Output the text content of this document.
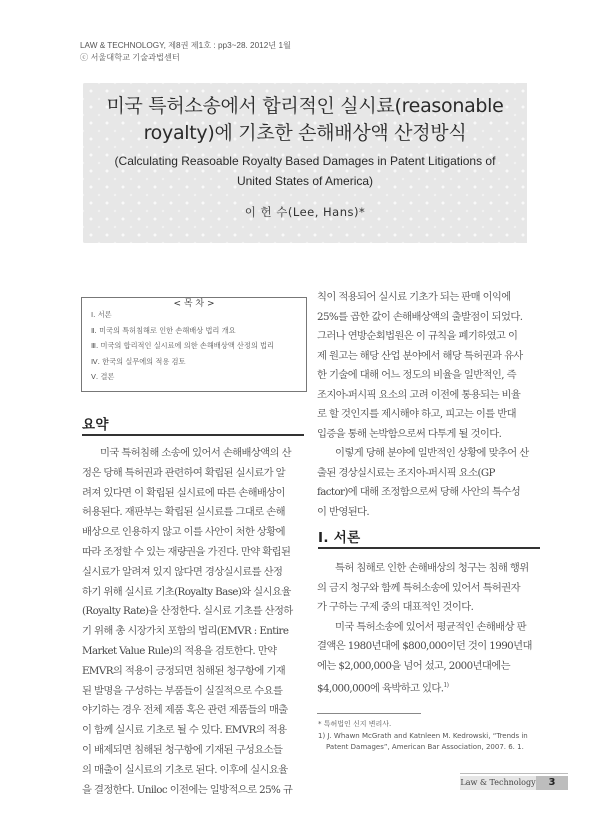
LAW & TECHNOLOGY, 제8권 제1호 : pp3~28. 2012년 1월
ⓒ 서울대학교 기술과법센터
미국 특허소송에서 합리적인 실시료(reasonable
royalty)에 기초한 손해배상액 산정방식
(Calculating Reasoable Royalty Based Damages in Patent Litigations of
United States of America)
이 헌 수(Lee, Hans)*
< 목 차 >
Ⅰ. 서론
Ⅱ. 미국의 특허침해로 인한 손해배상 법리 개요
Ⅲ. 미국의 합리적인 실시료에 의한 손해배상액 산정의 법리
Ⅳ. 한국의 실무에의 적용 검토
Ⅴ. 결론
요약
미국 특허침해 소송에 있어서 손해배상액의 산
정은 당해 특허권과 관련하여 확립된 실시료가 알
려져 있다면 이 확립된 실시료에 따른 손해배상이
허용된다. 재판부는 확립된 실시료를 그대로 손해
배상으로 인용하지 않고 이를 사안이 처한 상황에
따라 조정할 수 있는 재량권을 가진다. 만약 확립된
실시료가 알려져 있지 않다면 경상실시료를 산정
하기 위해 실시료 기초(Royalty Base)와 실시요율
(Royalty Rate)을 산정한다. 실시료 기초를 산정하
기 위해 총 시장가치 포함의 법리(EMVR : Entire
Market Value Rule)의 적용을 검토한다. 만약
EMVR의 적용이 긍정되면 침해된 청구항에 기재
된 발명을 구성하는 부품들이 실질적으로 수요를
야기하는 경우 전체 제품 혹은 관련 제품들의 매출
이 함께 실시료 기초로 될 수 있다. EMVR의 적용
이 배제되면 침해된 청구항에 기재된 구성요소들
의 매출이 실시료의 기초로 된다. 이후에 실시요율
을 결정한다. Uniloc 이전에는 일방적으로 25% 규
칙이 적용되어 실시료 기초가 되는 판매 이익에
25%를 곱한 값이 손해배상액의 출발점이 되었다.
그러나 연방순회법원은 이 규칙을 폐기하였고 이
제 원고는 해당 산업 분야에서 해당 특허권과 유사
한 기술에 대해 어느 정도의 비율을 일반적인, 즉
조지아-퍼시픽 요소의 고려 이전에 통용되는 비율
로 할 것인지를 제시해야 하고, 피고는 이를 반대
입증을 통해 논박함으로써 다투게 될 것이다.
이렇게 당해 분야에 일반적인 상황에 맞추어 산
출된 경상실시료는 조지아-퍼시픽 요소(GP
factor)에 대해 조정함으로써 당해 사안의 특수성
이 반영된다.
Ⅰ. 서론
특허 침해로 인한 손해배상의 청구는 침해 행위
의 금지 청구와 함께 특허소송에 있어서 특허권자
가 구하는 구제 중의 대표적인 것이다.
미국 특허소송에 있어서 평균적인 손해배상 판
결액은 1980년대에 $800,000이던 것이 1990년대
에는 $2,000,000을 넘어 섰고, 2000년대에는
$4,000,000에 육박하고 있다.$^{1)}$
* 특허법인 신지 변리사.
1) J. Whawn McGrath and Katnleen M. Kedrowski, “Trends in
Patent Damages”, American Bar Association, 2007. 6. 1.
Law & Technology	3
